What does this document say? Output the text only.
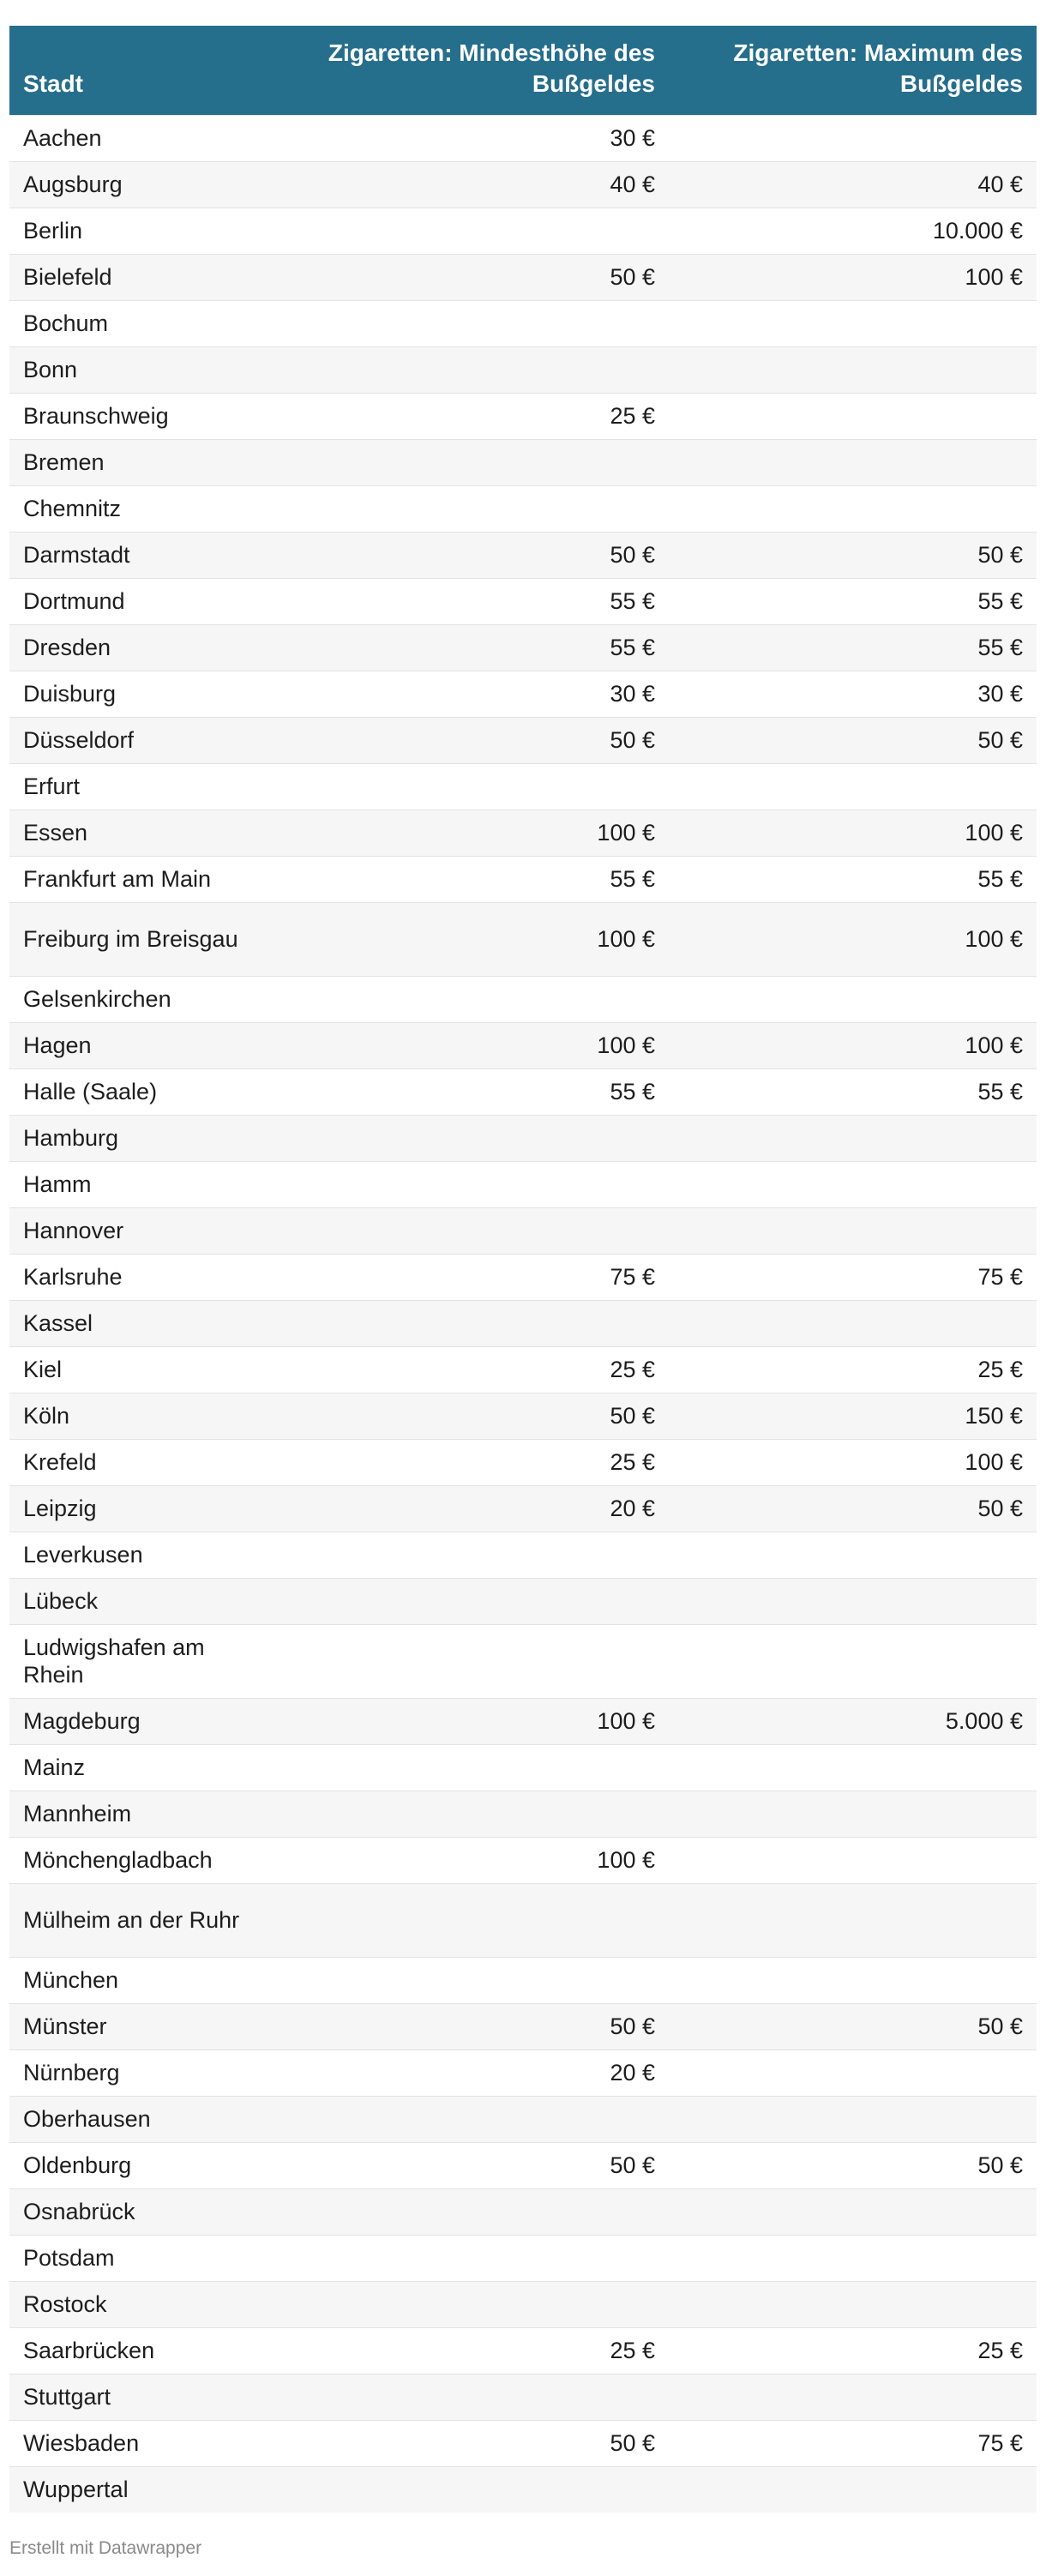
Stadt	Zigaretten: Mindesthöhe des Bußgeldes	Zigaretten: Maximum des Bußgeldes
Aachen	30 €	
Augsburg	40 €	40 €
Berlin		10.000 €
Bielefeld	50 €	100 €
Bochum		
Bonn		
Braunschweig	25 €	
Bremen		
Chemnitz		
Darmstadt	50 €	50 €
Dortmund	55 €	55 €
Dresden	55 €	55 €
Duisburg	30 €	30 €
Düsseldorf	50 €	50 €
Erfurt		
Essen	100 €	100 €
Frankfurt am Main	55 €	55 €
Freiburg im Breisgau	100 €	100 €
Gelsenkirchen		
Hagen	100 €	100 €
Halle (Saale)	55 €	55 €
Hamburg		
Hamm		
Hannover		
Karlsruhe	75 €	75 €
Kassel		
Kiel	25 €	25 €
Köln	50 €	150 €
Krefeld	25 €	100 €
Leipzig	20 €	50 €
Leverkusen		
Lübeck		
Ludwigshafen am Rhein		
Magdeburg	100 €	5.000 €
Mainz		
Mannheim		
Mönchengladbach	100 €	
Mülheim an der Ruhr		
München		
Münster	50 €	50 €
Nürnberg	20 €	
Oberhausen		
Oldenburg	50 €	50 €
Osnabrück		
Potsdam		
Rostock		
Saarbrücken	25 €	25 €
Stuttgart		
Wiesbaden	50 €	75 €
Wuppertal		
Erstellt mit Datawrapper
